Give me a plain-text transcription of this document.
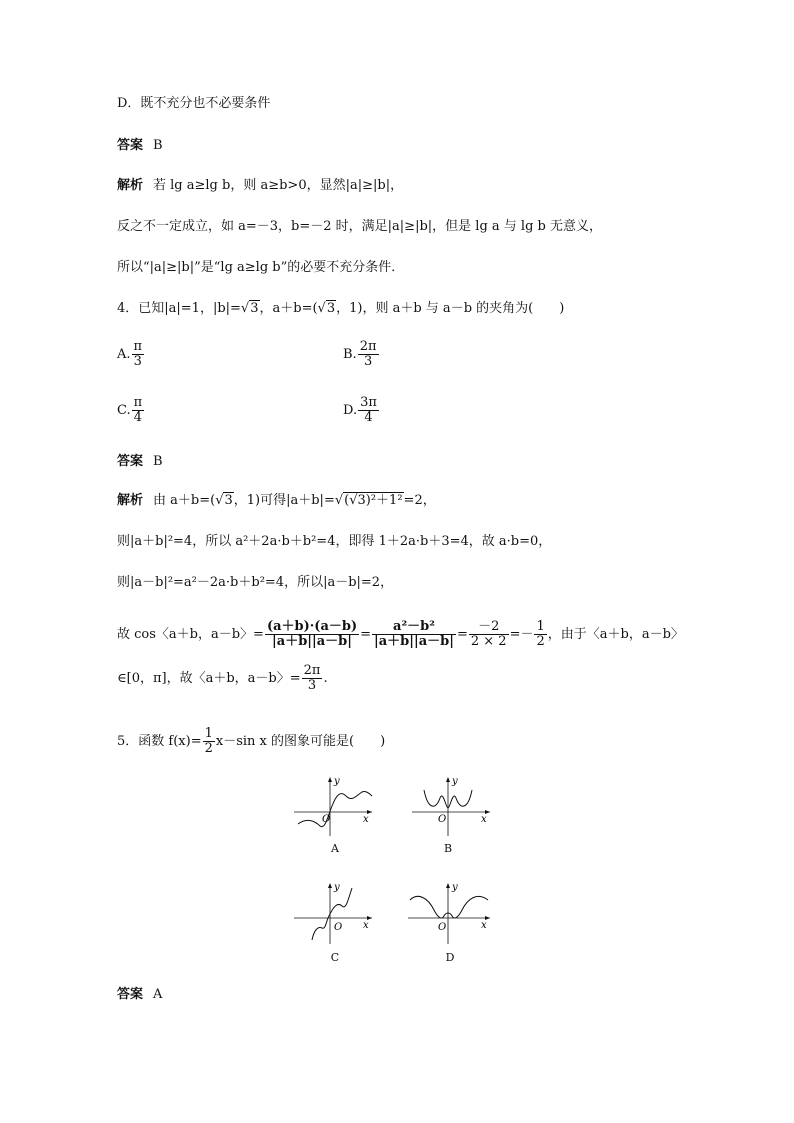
D．既不充分也不必要条件
答案 B
解析 若 lg a≥lg b，则 a≥b>0，显然|a|≥|b|，
反之不一定成立，如 a=－3，b=－2 时，满足|a|≥|b|，但是 lg a 与 lg b 无意义，
所以“|a|≥|b|”是“lg a≥lg b”的必要不充分条件．
4．已知|a|=1，|b|=√3，a＋b=(√3，1)，则 a＋b 与 a－b 的夹角为(　　)
A. $\frac{\pi}{3}$	B. $\frac{2\pi}{3}$
C. $\frac{\pi}{4}$	D. $\frac{3\pi}{4}$
答案 B
解析 由 a＋b=(√3，1)可得|a＋b|=√(√3)²＋1²=2，
则|a＋b|²=4，所以 a²＋2a·b＋b²=4，即得 1＋2a·b＋3=4，故 a·b=0，
则|a－b|²=a²－2a·b＋b²=4，所以|a－b|=2，
故 cos〈a＋b，a－b〉= $\frac{(a+b)\cdot(a-b)}{|a+b||a-b|} = \frac{\text{a²－b²}}{|a+b||a-b|} = \frac{-2}{2 \times 2} =- \frac{1}{2}$ ，由于〈a＋b，a－b〉
∈[0，π]，故〈a＋b，a－b〉= $\frac{2\pi}{3}$ .
5．函数 $f(x)= \frac{1}{2} x-\sin$ x 的图象可能是(　　)
O	x
y
A
O	x
y
B
O x
y
C
O	x
y
D
答案 A
